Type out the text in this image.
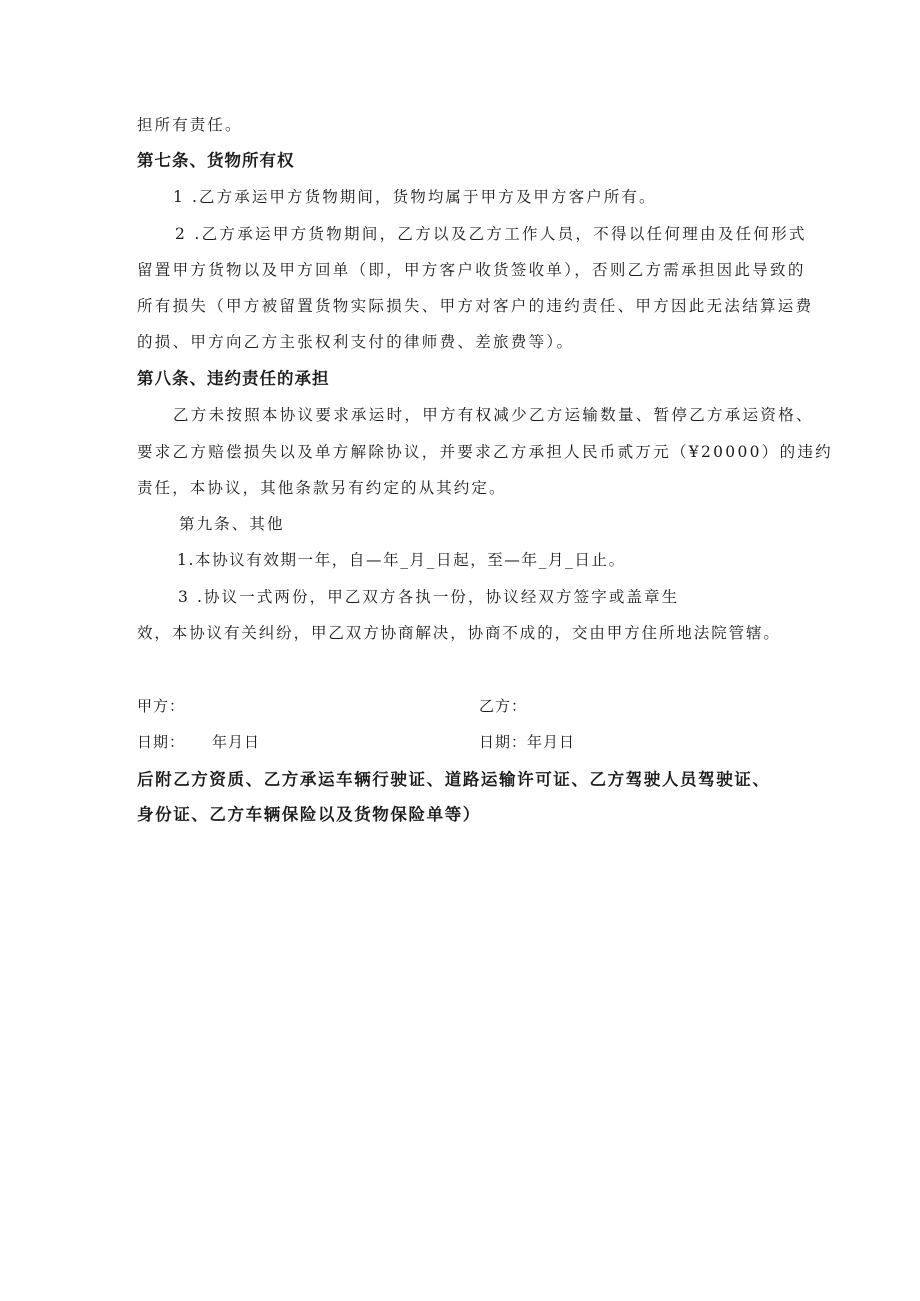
担所有责任。
第七条、货物所有权
1 .乙方承运甲方货物期间，货物均属于甲方及甲方客户所有。
2 .乙方承运甲方货物期间，乙方以及乙方工作人员，不得以任何理由及任何形式
留置甲方货物以及甲方回单（即，甲方客户收货签收单），否则乙方需承担因此导致的
所有损失（甲方被留置货物实际损失、甲方对客户的违约责任、甲方因此无法结算运费
的损、甲方向乙方主张权利支付的律师费、差旅费等）。
第八条、违约责任的承担
乙方未按照本协议要求承运时，甲方有权减少乙方运输数量、暂停乙方承运资格、
要求乙方赔偿损失以及单方解除协议，并要求乙方承担人民币贰万元（¥20000）的违约
责任，本协议，其他条款另有约定的从其约定。
第九条、其他
1.本协议有效期一年，自—年_月_日起，至—年_月_日止。
3 .协议一式两份，甲乙双方各执一份，协议经双方签字或盖章生
效，本协议有关纠纷，甲乙双方协商解决，协商不成的，交由甲方住所地法院管辖。
甲方：	乙方：
日期： 年月日	日期：年月日
后附乙方资质、乙方承运车辆行驶证、道路运输许可证、乙方驾驶人员驾驶证、
身份证、乙方车辆保险以及货物保险单等）
